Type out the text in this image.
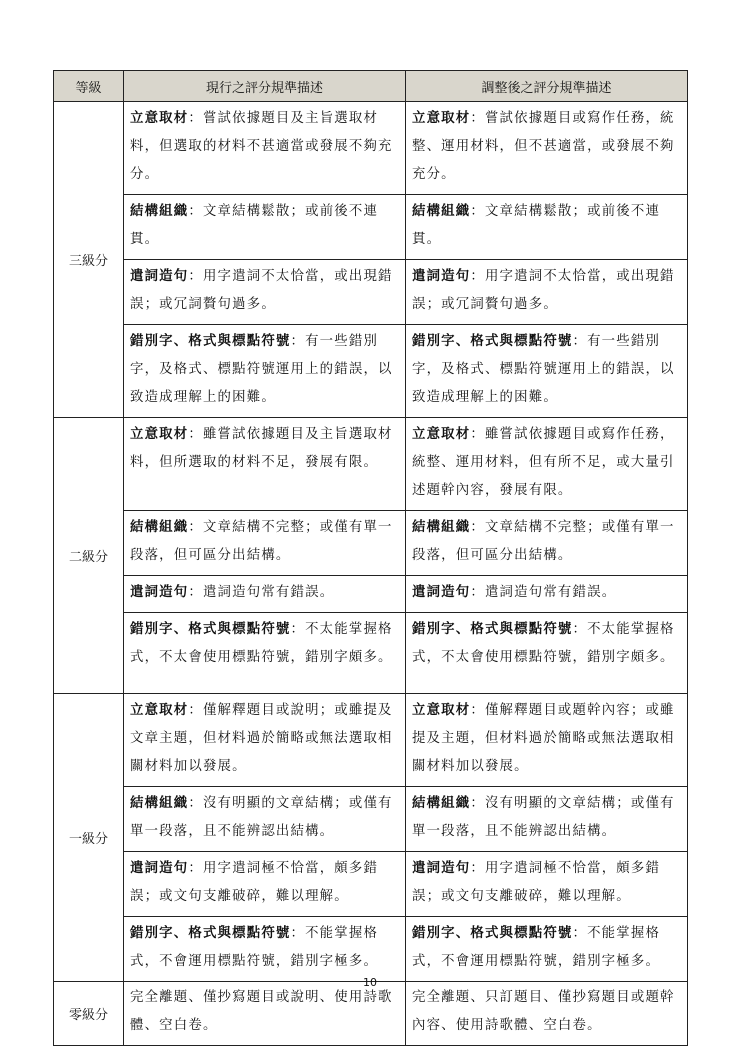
等級	現行之評分規準描述	調整後之評分規準描述
三級分	立意取材：嘗試依據題目及主旨選取材料，但選取的材料不甚適當或發展不夠充分。	立意取材：嘗試依據題目或寫作任務，統整、運用材料，但不甚適當，或發展不夠充分。
	結構組織：文章結構鬆散；或前後不連貫。	結構組織：文章結構鬆散；或前後不連貫。
	遣詞造句：用字遣詞不太恰當，或出現錯誤；或冗詞贅句過多。	遣詞造句：用字遣詞不太恰當，或出現錯誤；或冗詞贅句過多。
	錯別字、格式與標點符號：有一些錯別字，及格式、標點符號運用上的錯誤，以致造成理解上的困難。	錯別字、格式與標點符號：有一些錯別字，及格式、標點符號運用上的錯誤，以致造成理解上的困難。
二級分	立意取材：雖嘗試依據題目及主旨選取材料，但所選取的材料不足，發展有限。	立意取材：雖嘗試依據題目或寫作任務，統整、運用材料，但有所不足，或大量引述題幹內容，發展有限。
	結構組織：文章結構不完整；或僅有單一段落，但可區分出結構。	結構組織：文章結構不完整；或僅有單一段落，但可區分出結構。
	遣詞造句：遣詞造句常有錯誤。	遣詞造句：遣詞造句常有錯誤。
	錯別字、格式與標點符號：不太能掌握格式，不太會使用標點符號，錯別字頗多。	錯別字、格式與標點符號：不太能掌握格式，不太會使用標點符號，錯別字頗多。
一級分	立意取材：僅解釋題目或說明；或雖提及文章主題，但材料過於簡略或無法選取相關材料加以發展。	立意取材：僅解釋題目或題幹內容；或雖提及主題，但材料過於簡略或無法選取相關材料加以發展。
	結構組織：沒有明顯的文章結構；或僅有單一段落，且不能辨認出結構。	結構組織：沒有明顯的文章結構；或僅有單一段落，且不能辨認出結構。
	遣詞造句：用字遣詞極不恰當，頗多錯誤；或文句支離破碎，難以理解。	遣詞造句：用字遣詞極不恰當，頗多錯誤；或文句支離破碎，難以理解。
	錯別字、格式與標點符號：不能掌握格式，不會運用標點符號，錯別字極多。	錯別字、格式與標點符號：不能掌握格式，不會運用標點符號，錯別字極多。
零級分	完全離題、僅抄寫題目或說明、使用詩歌體、空白卷。	完全離題、只訂題目、僅抄寫題目或題幹內容、使用詩歌體、空白卷。
10
